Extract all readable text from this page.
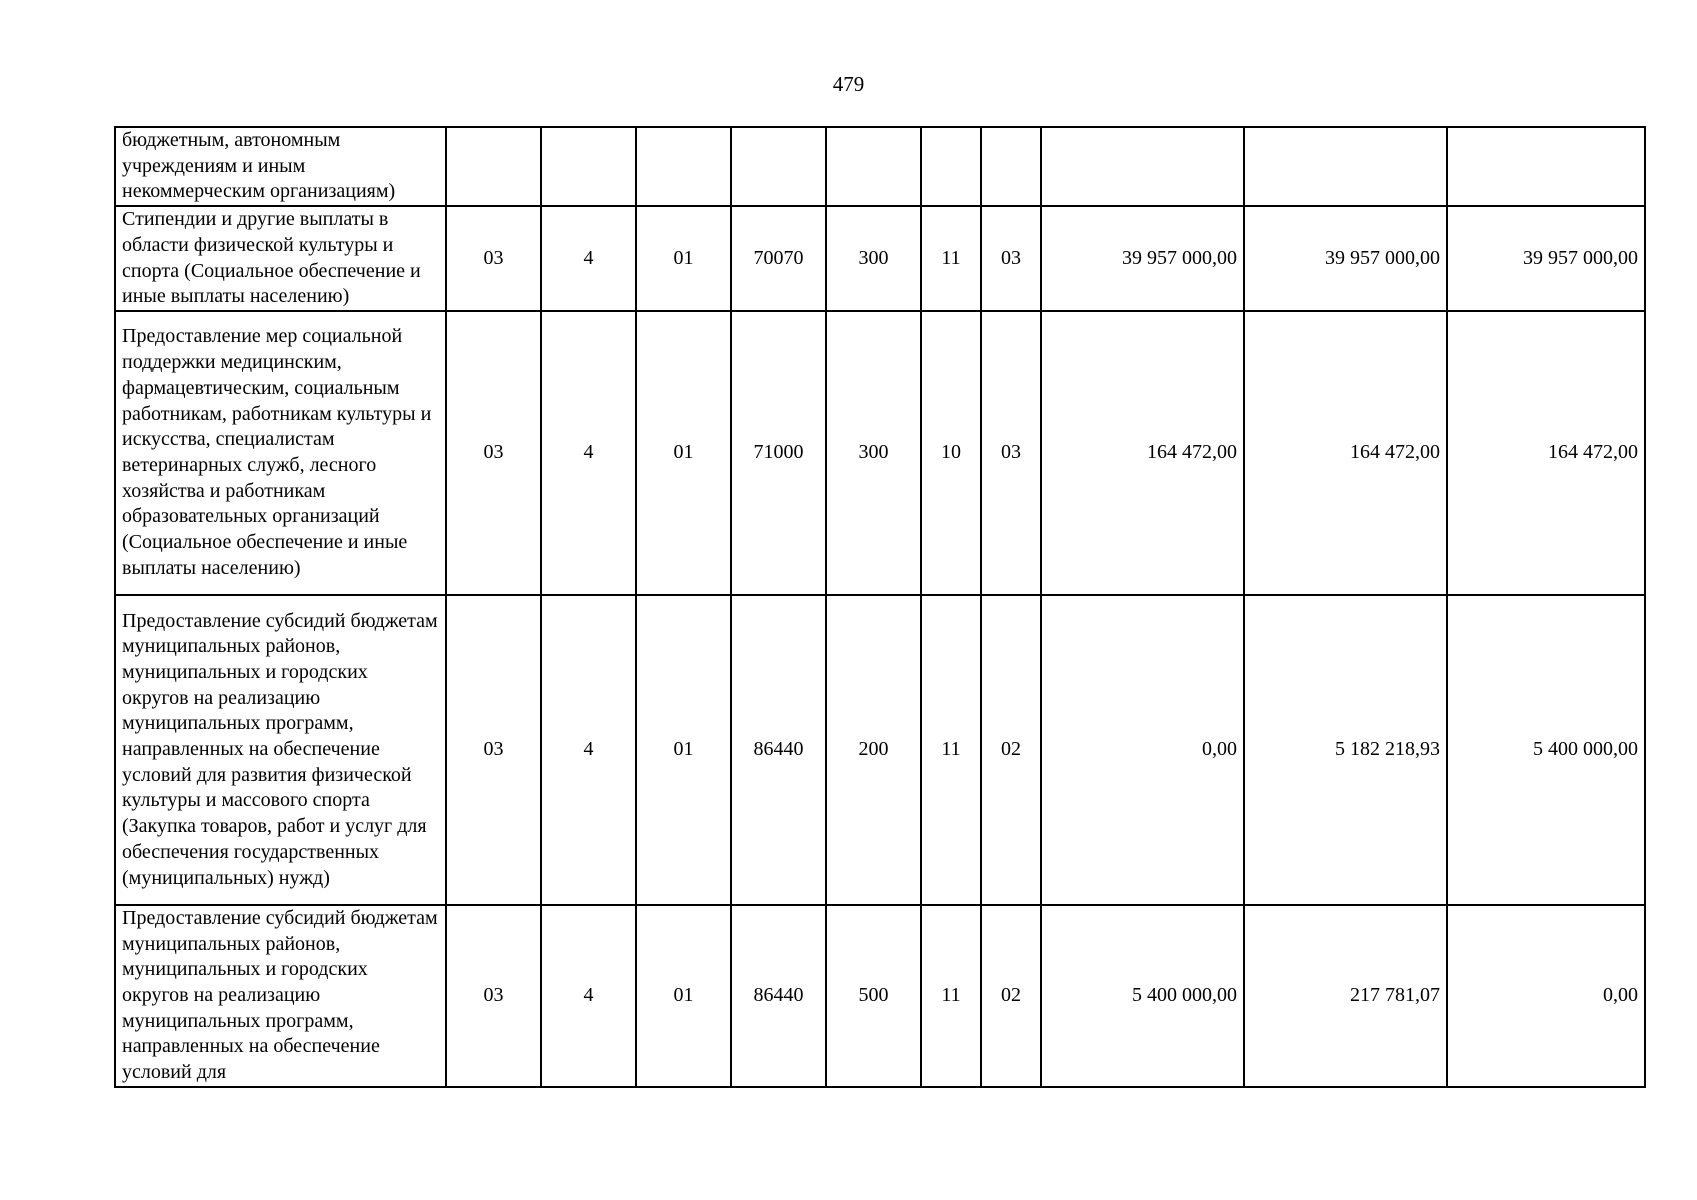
479
бюджетным, автономным учреждениям и иным некоммерческим организациям)										
Стипендии и другие выплаты в области физической культуры и спорта (Социальное обеспечение и иные выплаты населению)	03	4	01	70070	300	11	03	39 957 000,00	39 957 000,00	39 957 000,00
Предоставление мер социальной поддержки медицинским, фармацевтическим, социальным работникам, работникам культуры и искусства, специалистам ветеринарных служб, лесного хозяйства и работникам образовательных организаций (Социальное обеспечение и иные выплаты населению)	03	4	01	71000	300	10	03	164 472,00	164 472,00	164 472,00
Предоставление субсидий бюджетам муниципальных районов, муниципальных и городских округов на реализацию муниципальных программ, направленных на обеспечение условий для развития физической культуры и массового спорта (Закупка товаров, работ и услуг для обеспечения государственных (муниципальных) нужд)	03	4	01	86440	200	11	02	0,00	5 182 218,93	5 400 000,00
Предоставление субсидий бюджетам муниципальных районов, муниципальных и городских округов на реализацию муниципальных программ, направленных на обеспечение условий для	03	4	01	86440	500	11	02	5 400 000,00	217 781,07	0,00
